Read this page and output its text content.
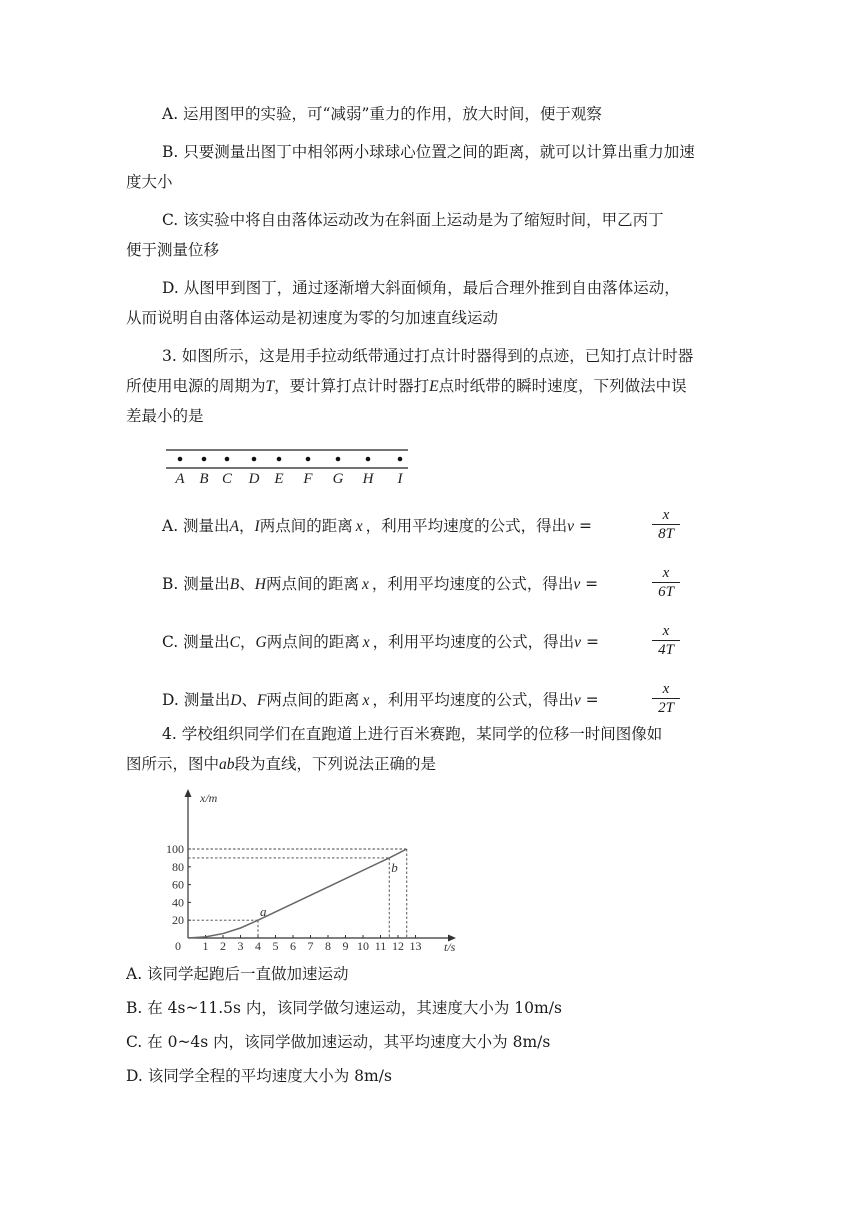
A. 运用图甲的实验，可“减弱”重力的作用，放大时间，便于观察
B. 只要测量出图丁中相邻两小球球心位置之间的距离，就可以计算出重力加速
度大小
C. 该实验中将自由落体运动改为在斜面上运动是为了缩短时间，甲乙丙丁
便于测量位移
D. 从图甲到图丁，通过逐渐增大斜面倾角，最后合理外推到自由落体运动，
从而说明自由落体运动是初速度为零的匀加速直线运动
3. 如图所示，这是用手拉动纸带通过打点计时器得到的点迹，已知打点计时器
所使用电源的周期为T，要计算打点计时器打E点时纸带的瞬时速度，下列做法中误
差最小的是
A B C D E F G H I
A. 测量出A，I两点间的距离 x ，利用平均速度的公式，得出v =
x
8T
B. 测量出B、H两点间的距离 x ，利用平均速度的公式，得出v =
x
6T
C. 测量出C，G两点间的距离 x ，利用平均速度的公式，得出v =
x
4T
D. 测量出D、F两点间的距离 x ，利用平均速度的公式，得出v =
x
2T
4. 学校组织同学们在直跑道上进行百米赛跑，某同学的位移一时间图像如
图所示，图中ab段为直线，下列说法正确的是
x/m
t/s
0 1 2 3 4 5 6 7 8 9 10 11 12 13
20
40
60
80
100
a
b
A. 该同学起跑后一直做加速运动
B. 在 4s~11.5s 内，该同学做匀速运动，其速度大小为 10m/s
C. 在 0~4s 内，该同学做加速运动，其平均速度大小为 8m/s
D. 该同学全程的平均速度大小为 8m/s
